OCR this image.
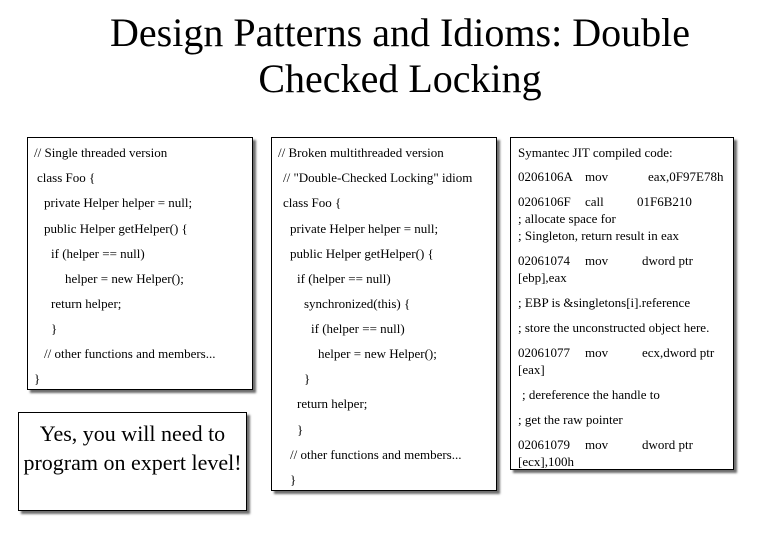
Design Patterns and Idioms: Double
Checked Locking
// Single threaded version
class Foo {
private Helper helper = null;
public Helper getHelper() {
if (helper == null)
helper = new Helper();
return helper;
}
// other functions and members...
}
Yes, you will need to program on expert level!
// Broken multithreaded version
// "Double-Checked Locking" idiom
class Foo {
private Helper helper = null;
public Helper getHelper() {
if (helper == null)
synchronized(this) {
if (helper == null)
helper = new Helper();
}
return helper;
}
// other functions and members...
}
Symantec JIT compiled code:
0206106A mov	eax,0F97E78h
0206106F call	01F6B210
; allocate space for
; Singleton, return result in eax
02061074 mov	dword ptr
[ebp],eax
; EBP is &singletons[i].reference
; store the unconstructed object here.
02061077 mov	ecx,dword ptr
[eax]
; dereference the handle to
; get the raw pointer
02061079 mov	dword ptr
[ecx],100h
